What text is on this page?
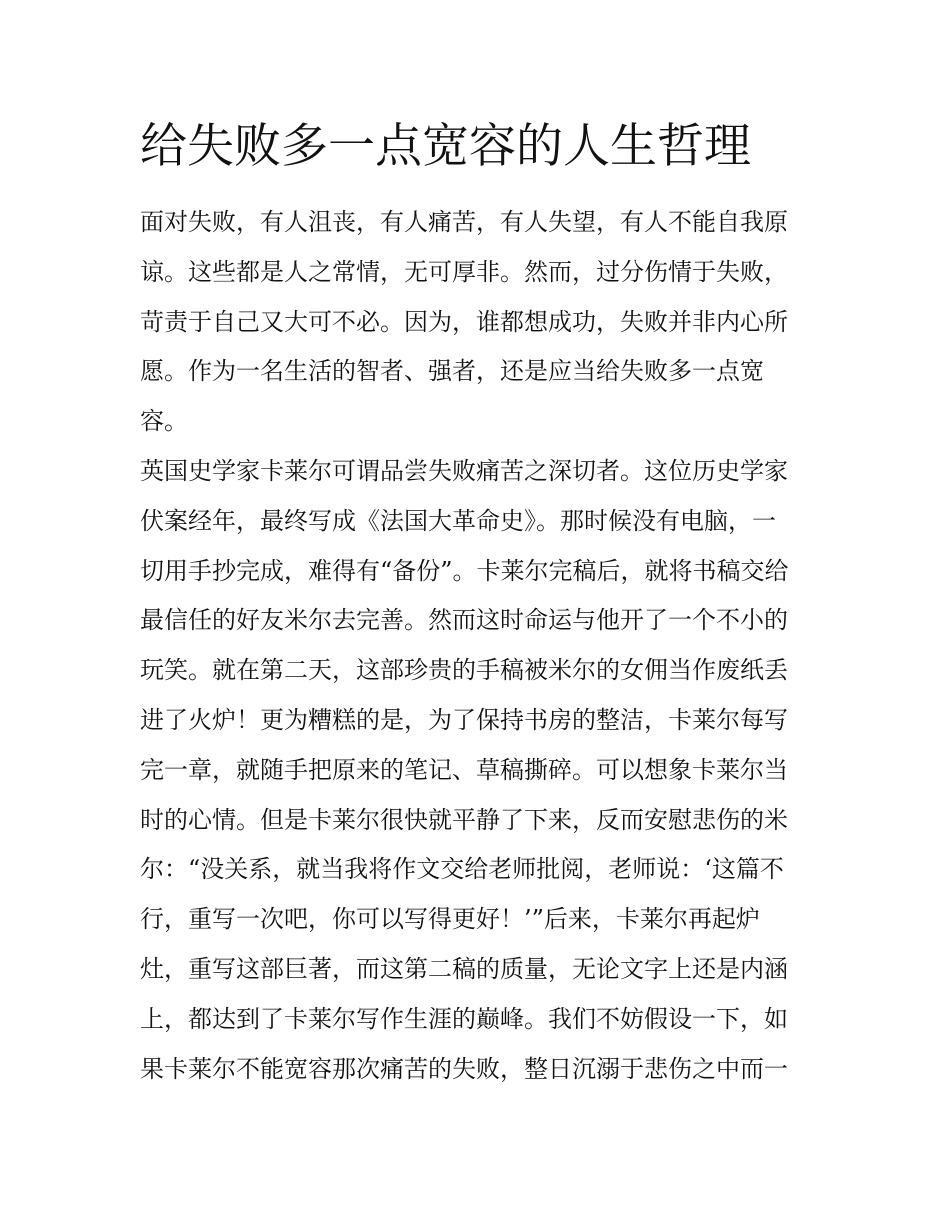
给失败多一点宽容的人生哲理
面对失败，有人沮丧，有人痛苦，有人失望，有人不能自我原
谅。这些都是人之常情，无可厚非。然而，过分伤情于失败，
苛责于自己又大可不必。因为，谁都想成功，失败并非内心所
愿。作为一名生活的智者、强者，还是应当给失败多一点宽
容。
英国史学家卡莱尔可谓品尝失败痛苦之深切者。这位历史学家
伏案经年，最终写成《法国大革命史》。那时候没有电脑，一
切用手抄完成，难得有“备份”。卡莱尔完稿后，就将书稿交给
最信任的好友米尔去完善。然而这时命运与他开了一个不小的
玩笑。就在第二天，这部珍贵的手稿被米尔的女佣当作废纸丢
进了火炉！更为糟糕的是，为了保持书房的整洁，卡莱尔每写
完一章，就随手把原来的笔记、草稿撕碎。可以想象卡莱尔当
时的心情。但是卡莱尔很快就平静了下来，反而安慰悲伤的米
尔：“没关系，就当我将作文交给老师批阅，老师说：‘这篇不
行，重写一次吧，你可以写得更好！’”后来，卡莱尔再起炉
灶，重写这部巨著，而这第二稿的质量，无论文字上还是内涵
上，都达到了卡莱尔写作生涯的巅峰。我们不妨假设一下，如
果卡莱尔不能宽容那次痛苦的失败，整日沉溺于悲伤之中而一
